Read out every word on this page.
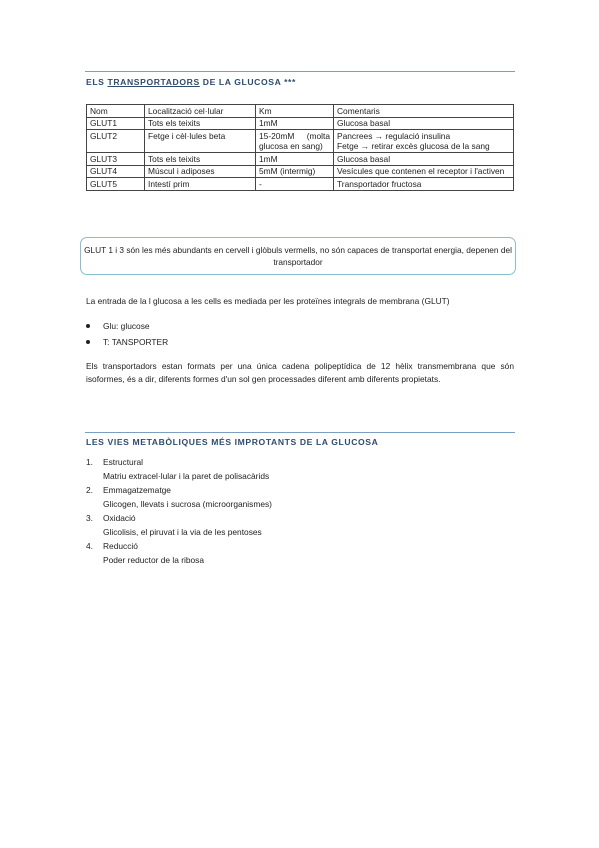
ELS TRANSPORTADORS DE LA GLUCOSA ***
Nom	Localització cel·lular	Km	Comentaris
GLUT1	Tots els teixits	1mM	Glucosa basal
GLUT2	Fetge i cèl·lules beta	15-20mM (molta glucosa en sang)	Pancrees → regulació insulina
Fetge → retirar excès glucosa de la sang
GLUT3	Tots els teixits	1mM	Glucosa basal
GLUT4	Múscul i adiposes	5mM (intermig)	Vesícules que contenen el receptor i l'activen
GLUT5	Intestí prim	-	Transportador fructosa
GLUT 1 i 3 són les més abundants en cervell i glòbuls vermells, no són capaces de transportat energia, depenen del transportador
La entrada de la l glucosa a les cells es mediada per les proteïnes integrals de membrana (GLUT)
Glu: glucose
T: TANSPORTER
Els transportadors estan formats per una única cadena polipeptídica de 12 hèlix transmembrana que són isoformes, és a dir, diferents formes d'un sol gen processades diferent amb diferents propietats.
LES VIES METABÒLIQUES MÉS IMPROTANTS DE LA GLUCOSA
1. Estructural
Matriu extracel·lular i la paret de polisacàrids
2. Emmagatzematge
Glicogen, llevats i sucrosa (microorganismes)
3. Oxidació
Glicolisis, el piruvat i la via de les pentoses
4. Reducció
Poder reductor de la ribosa
